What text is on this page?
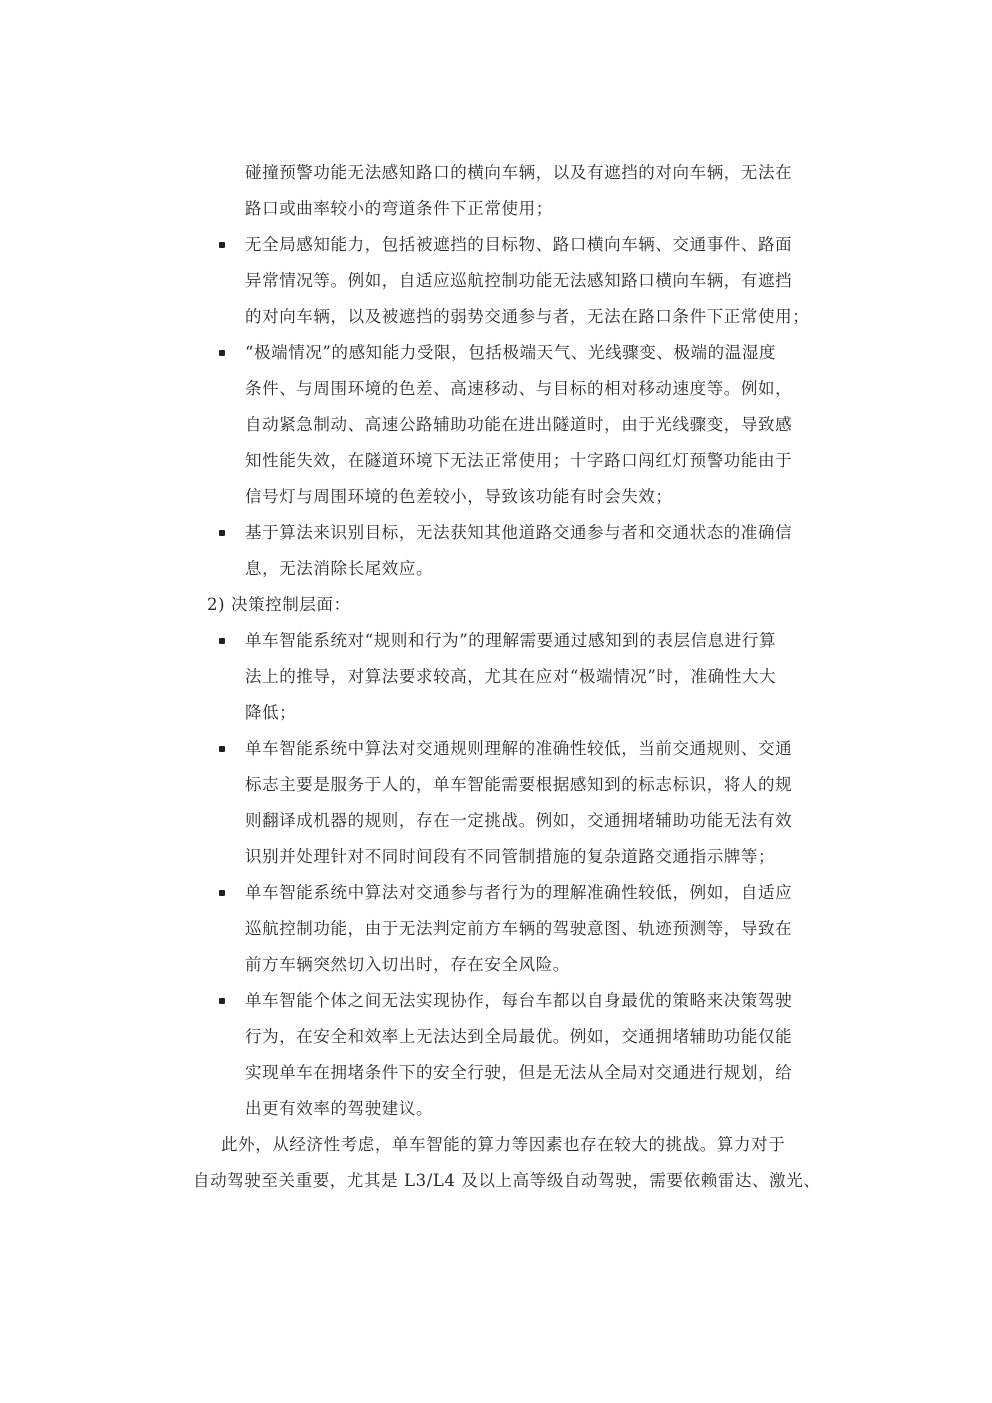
碰撞预警功能无法感知路口的横向车辆，以及有遮挡的对向车辆，无法在
路口或曲率较小的弯道条件下正常使用；
无全局感知能力，包括被遮挡的目标物、路口横向车辆、交通事件、路面
异常情况等。例如，自适应巡航控制功能无法感知路口横向车辆，有遮挡
的对向车辆，以及被遮挡的弱势交通参与者，无法在路口条件下正常使用；
“极端情况”的感知能力受限，包括极端天气、光线骤变、极端的温湿度
条件、与周围环境的色差、高速移动、与目标的相对移动速度等。例如，
自动紧急制动、高速公路辅助功能在进出隧道时，由于光线骤变，导致感
知性能失效，在隧道环境下无法正常使用；十字路口闯红灯预警功能由于
信号灯与周围环境的色差较小，导致该功能有时会失效；
基于算法来识别目标，无法获知其他道路交通参与者和交通状态的准确信
息，无法消除长尾效应。
2) 决策控制层面：
单车智能系统对“规则和行为”的理解需要通过感知到的表层信息进行算
法上的推导，对算法要求较高，尤其在应对“极端情况”时，准确性大大
降低；
单车智能系统中算法对交通规则理解的准确性较低，当前交通规则、交通
标志主要是服务于人的，单车智能需要根据感知到的标志标识，将人的规
则翻译成机器的规则，存在一定挑战。例如，交通拥堵辅助功能无法有效
识别并处理针对不同时间段有不同管制措施的复杂道路交通指示牌等；
单车智能系统中算法对交通参与者行为的理解准确性较低，例如，自适应
巡航控制功能，由于无法判定前方车辆的驾驶意图、轨迹预测等，导致在
前方车辆突然切入切出时，存在安全风险。
单车智能个体之间无法实现协作，每台车都以自身最优的策略来决策驾驶
行为，在安全和效率上无法达到全局最优。例如，交通拥堵辅助功能仅能
实现单车在拥堵条件下的安全行驶，但是无法从全局对交通进行规划，给
出更有效率的驾驶建议。
此外，从经济性考虑，单车智能的算力等因素也存在较大的挑战。算力对于
自动驾驶至关重要，尤其是 L3/L4 及以上高等级自动驾驶，需要依赖雷达、激光、
